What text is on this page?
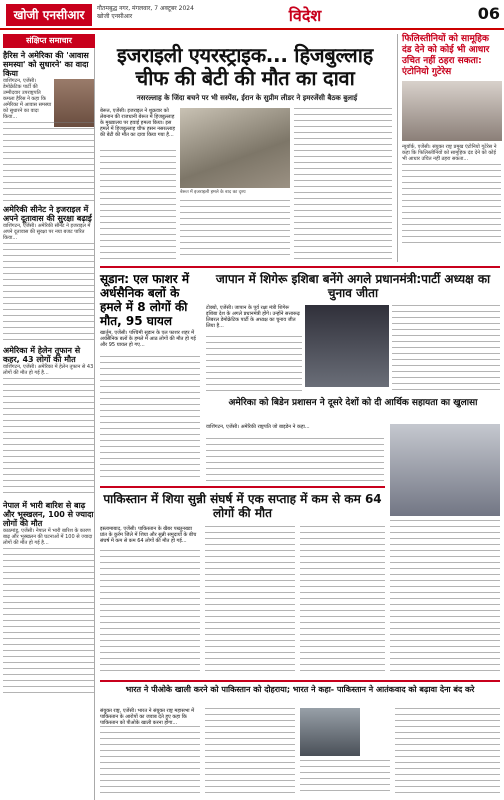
खोजी एनसीआर	गौतमबुद्ध नगर, मंगलवार, 7 अक्टूबर 2024
खोजी एनसीआर	विदेश	06
संक्षिप्त समाचार
हैरिस ने अमेरिका की 'आवास समस्या' को सुधारने' का वादा किया
वाशिंगटन, एजेंसी। डेमोक्रेटिक पार्टी की उम्मीदवार उपराष्ट्रपति कमला हैरिस ने कहा कि अमेरिका में आवास समस्या को सुधारने का वादा किया...
अमेरिकी सीनेट ने इजराइल में अपने दूतावास की सुरक्षा बढ़ाई
वाशिंगटन, एजेंसी। अमेरिकी सीनेट ने इजराइल में अपने दूतावास की सुरक्षा पर नया बजट पारित किया...
अमेरिका में हेलेन तूफान से कहर, 43 लोगों की मौत
वाशिंगटन, एजेंसी। अमेरिका में हेलेन तूफान से 43 लोगों की मौत हो गई है...
नेपाल में भारी बारिश से बाढ़ और भूस्खलन, 100 से ज्यादा लोगों की मौत
काठमांडू, एजेंसी। नेपाल में भारी बारिश के कारण बाढ़ और भूस्खलन की घटनाओं में 100 से ज्यादा लोगों की मौत हो गई है...
इजराइली एयरस्ट्राइक... हिजबुल्लाह चीफ की बेटी की मौत का दावा
नसरल्लाह के जिंदा बचने पर भी सस्पेंस, ईरान के सुप्रीम लीडर ने इमरजेंसी बैठक बुलाई
बेरूत में इजराइली हमले के बाद का दृश्य
बेरूत, एजेंसी। इजराइल ने शुक्रवार को लेबनान की राजधानी बेरूत में हिजबुल्लाह के मुख्यालय पर हवाई हमला किया। इस हमले में हिजबुल्लाह चीफ हसन नसरल्लाह की बेटी की मौत का दावा किया गया है...
फिलिस्तीनियों को सामूहिक दंड देने को कोई भी आधार उचित नहीं ठहरा सकता: एंटोनियो गुटेरेस
न्यूयॉर्क, एजेंसी। संयुक्त राष्ट्र प्रमुख एंटोनियो गुटेरेस ने कहा कि फिलिस्तीनियों को सामूहिक दंड देने को कोई भी आधार उचित नहीं ठहरा सकता...
सूडान: एल फाशर में अर्धसैनिक बलों के हमले में 8 लोगों की मौत, 95 घायल
खार्तूम, एजेंसी। पश्चिमी सूडान के एल फाशर शहर में अर्धसैनिक बलों के हमले में आठ लोगों की मौत हो गई और 95 घायल हो गए...
जापान में शिगेरू इशिबा बनेंगे अगले प्रधानमंत्री:पार्टी अध्यक्ष का चुनाव जीता
टोक्यो, एजेंसी। जापान के पूर्व रक्षा मंत्री शिगेरू इशिबा देश के अगले प्रधानमंत्री होंगे। उन्होंने सत्तारूढ़ लिबरल डेमोक्रेटिक पार्टी के अध्यक्ष का चुनाव जीत लिया है...
अमेरिका को बिडेन प्रशासन ने दूसरे देशों को दी आर्थिक सहायता का खुलासा
वाशिंगटन, एजेंसी। अमेरिकी राष्ट्रपति जो बाइडेन ने कहा...
पाकिस्तान में शिया सुन्नी संघर्ष में एक सप्ताह में कम से कम 64 लोगों की मौत
इस्लामाबाद, एजेंसी। पाकिस्तान के खैबर पख्तूनख्वा प्रांत के कुर्रम जिले में शिया और सुन्नी समुदायों के बीच संघर्ष में कम से कम 64 लोगों की मौत हो गई...
भारत ने पीओके खाली करने को पाकिस्तान को दोहराया; भारत ने कहा- पाकिस्तान ने आतंकवाद को बढ़ावा देना बंद करे
संयुक्त राष्ट्र, एजेंसी। भारत ने संयुक्त राष्ट्र महासभा में पाकिस्तान के आरोपों का जवाब देते हुए कहा कि पाकिस्तान को पीओके खाली करना होगा...
